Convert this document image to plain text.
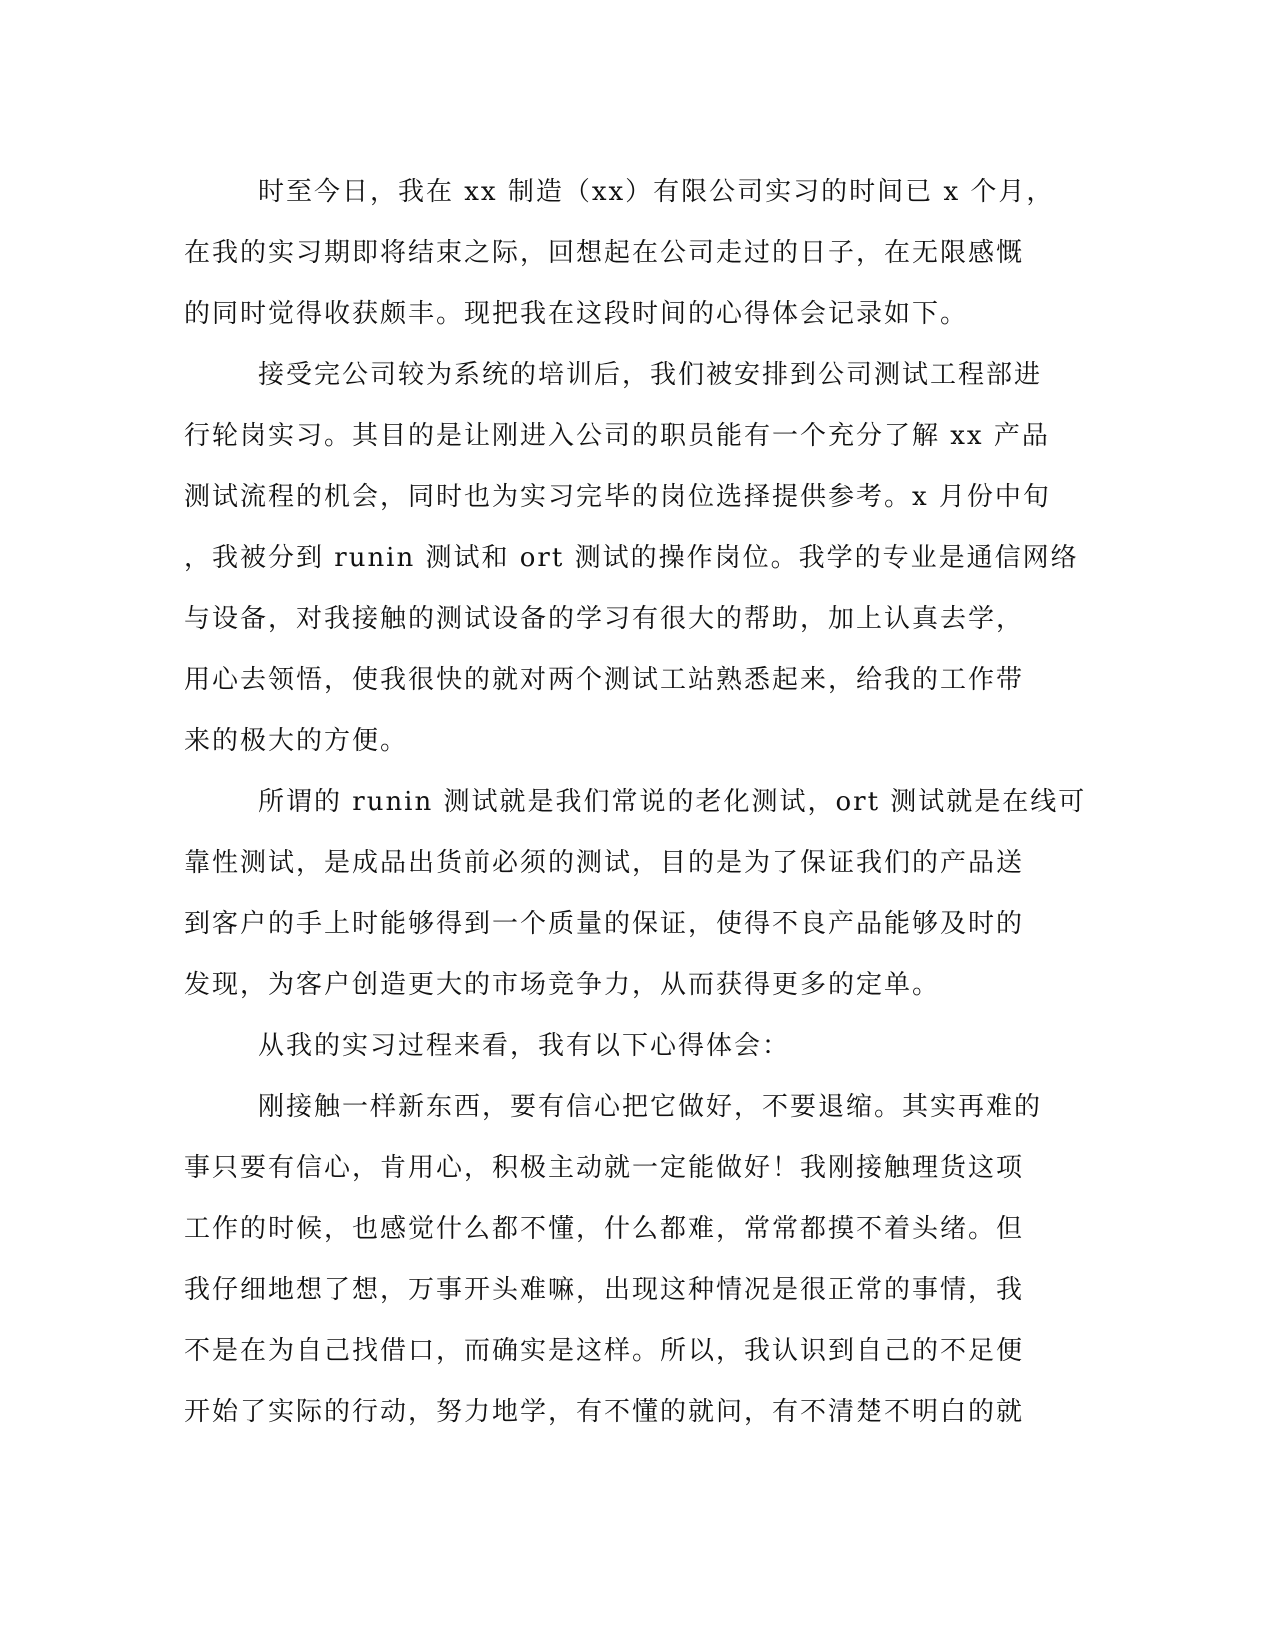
时至今日，我在 xx 制造（xx）有限公司实习的时间已 x 个月，
在我的实习期即将结束之际，回想起在公司走过的日子，在无限感慨
的同时觉得收获颇丰。现把我在这段时间的心得体会记录如下。
接受完公司较为系统的培训后，我们被安排到公司测试工程部进
行轮岗实习。其目的是让刚进入公司的职员能有一个充分了解 xx 产品
测试流程的机会，同时也为实习完毕的岗位选择提供参考。x 月份中旬
，我被分到 runin 测试和 ort 测试的操作岗位。我学的专业是通信网络
与设备，对我接触的测试设备的学习有很大的帮助，加上认真去学，
用心去领悟，使我很快的就对两个测试工站熟悉起来，给我的工作带
来的极大的方便。
所谓的 runin 测试就是我们常说的老化测试，ort 测试就是在线可
靠性测试，是成品出货前必须的测试，目的是为了保证我们的产品送
到客户的手上时能够得到一个质量的保证，使得不良产品能够及时的
发现，为客户创造更大的市场竞争力，从而获得更多的定单。
从我的实习过程来看，我有以下心得体会：
刚接触一样新东西，要有信心把它做好，不要退缩。其实再难的
事只要有信心，肯用心，积极主动就一定能做好！我刚接触理货这项
工作的时候，也感觉什么都不懂，什么都难，常常都摸不着头绪。但
我仔细地想了想，万事开头难嘛，出现这种情况是很正常的事情，我
不是在为自己找借口，而确实是这样。所以，我认识到自己的不足便
开始了实际的行动，努力地学，有不懂的就问，有不清楚不明白的就
